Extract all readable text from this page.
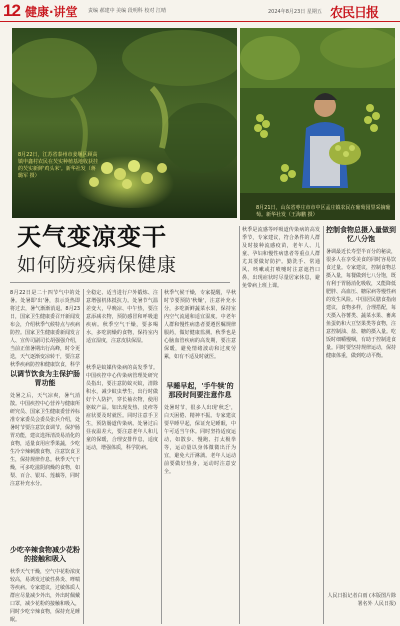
12 健康·讲堂 责编 郝建中 美编 段明科 校对 江晴	2024年8月23日 星期五 农民日报
8月22日，江苏省泰州市姜堰区顾高镇申鑫村农民在芡实种植基地收获挂的芡实新鲜'鸡头米'。新华社发（蒋璐军 摄）
8月21日，山东省枣庄市市中区孟庄镇农民在葡萄园里采摘葡萄。新华社发（王海鹏 摄）
天气变凉变干
如何防疫病保健康
8月22日是二十四节气中的处暑。处暑即'出'暑，表示炎热即将过去，暑气渐渐消退。8月23日，国家卫生健康委召开新闻发布会，介绍秋季气候特点与疾病防控。国家卫生健康委新闻发言人、宣传司副司长胡强强介绍，当前正值暑期出行高峰，时令更迭，天气逐渐变凉转干，要注意秋季疾病防控和健康饮食，科学
以调节饮食为主保护肠胃功能
处暑之后，天气凉爽，暑气消散。中国疾控中心营养与健康所研究员、国家卫生健康委营养标准专家委员会委员张兵介绍，处暑时节要注意饮食调节，保护肠胃功能，建议选择清淡易消化的食物，适量食用应季果蔬，少吃生冷辛辣刺激食物，注意饮食卫生，保持规律作息。秋季天气干燥，可多吃滋阴润燥的食物，如梨、百合、银耳、莲藕等，同时注意补充水分。
少吃辛辣食物减少花粉的接触和吸入
秋季天气干燥，空气中花粉浓度较高，易诱发过敏性鼻炎、哮喘等疾病。专家建议，过敏体质人群应尽量减少外出，外出时佩戴口罩，减少花粉的接触和吸入，同时少吃辛辣食物，保持充足睡眠。
全稳定、适当进行户外锻炼、注意增强机体抵抗力。处暑节气温差变大，早晚凉、中午热，要注意添减衣物，预防感冒和呼吸道疾病。秋季空气干燥，要多喝水，多吃润燥的食物，保持室内适宜湿度，注意皮肤保湿。
秋季是蚊媒传染病的高发季节。中国疾控中心传染病管理处研究员指出，要注意防蚊灭蚊，清除积水，减少蚊虫孳生，出行时做好个人防护，穿长袖衣物，使用驱蚊产品。如出现发热、皮疹等症状要及时就医。同时注意手卫生，预防肠道传染病。处暑过后昼夜温差大，要注意老年人和儿童的保暖，合理安排作息，适度运动，增强体质，科学防病。
秋季气候干燥，专家提醒，早秋时节要预防'秋燥'，注意补充水分，多吃新鲜蔬菜水果，保持室内空气流通和适宜湿度。中老年人群和慢性病患者要遵医嘱规律服药，做好健康监测。秋季也是心脑血管疾病的高发期，要注意保暖，避免情绪波动和过度劳累，如有不适及时就医。
早睡早起，'手牛犊'的那段时间要注意作息
处暑时节，很多人出现'秋乏'，白天困倦、精神不振。专家建议要早睡早起，保证充足睡眠，中午可适当午休。同时坚持适度运动，如散步、慢跑、打太极拳等，运动量以身体微微出汗为宜，避免大汗淋漓。老年人运动前要做好热身，运动时注意安全。
秋季是流感等呼吸道传染病的高发季节，专家建议，符合条件的人群及时接种流感疫苗，老年人、儿童、孕妇和慢性病患者等重点人群尤其要做好防护。勤洗手、常通风、咳嗽或打喷嚏时注意遮挡口鼻，出现症状时尽量居家休息，避免带病上班上课。
控制食物总摄入量做到忆八分饱
暑调最近长寿型半百分的秘诀，很多人在享受美食的同时容易饮食过量。专家建议，控制食物总摄入量，每餐做到七八分饱，既有利于胃肠消化吸收，又能降低肥胖、高血压、糖尿病等慢性病的发生风险。中国居民膳食指南建议，食物多样，合理搭配，每天摄入谷薯类、蔬菜水果、畜禽鱼蛋奶和大豆坚果类等食物，注意控制油、盐、糖的摄入量。吃饭时细嚼慢咽，有助于控制进食量。同时要坚持规律运动，保持健康体重，做到吃动平衡。
人民日报记者白雨 (本版图片除署名外 人民日报)
